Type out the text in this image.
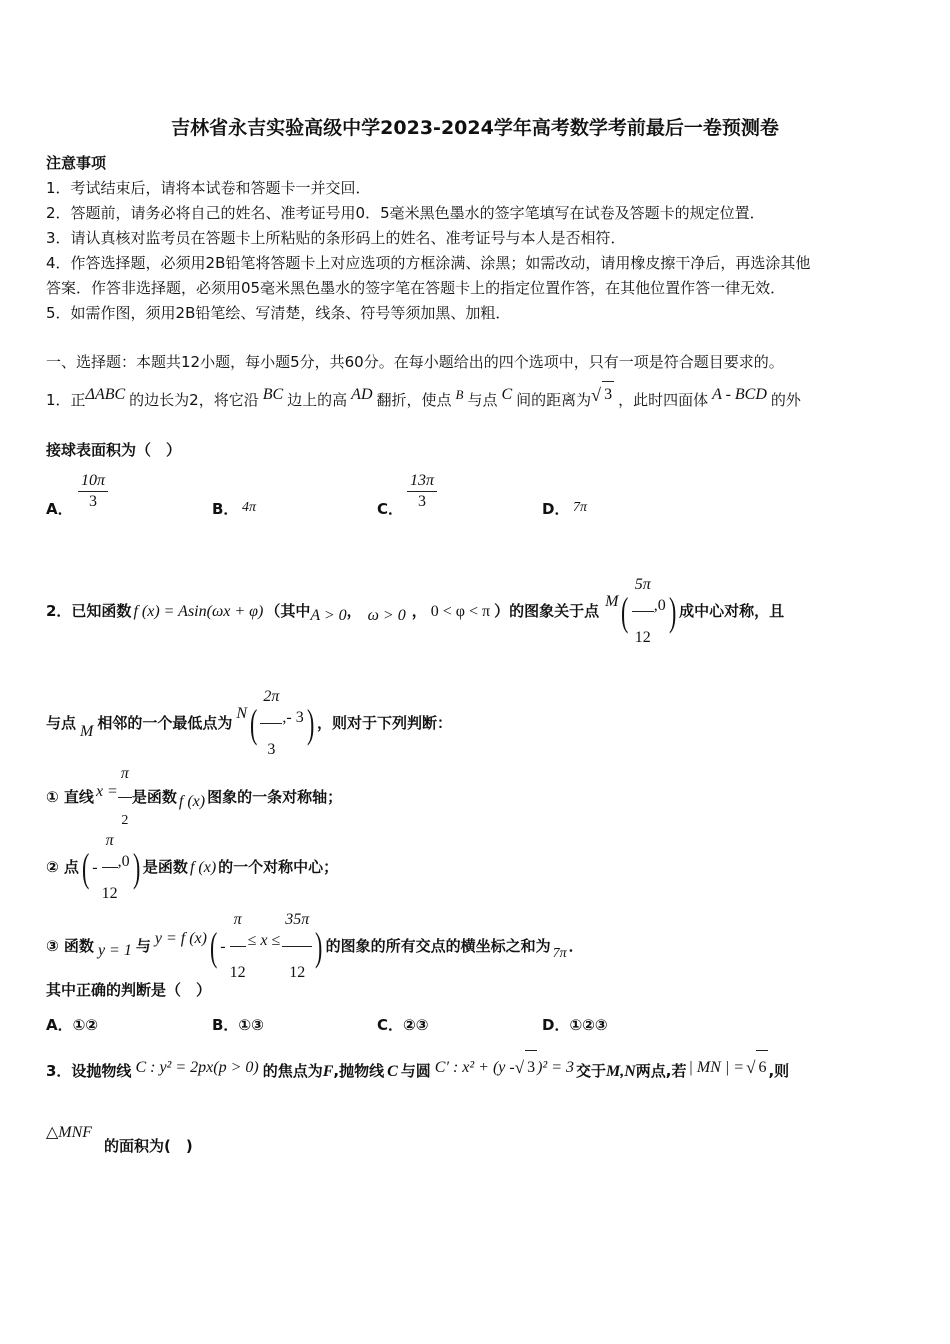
吉林省永吉实验高级中学2023-2024学年高考数学考前最后一卷预测卷
注意事项
1．考试结束后，请将本试卷和答题卡一并交回．
2．答题前，请务必将自己的姓名、准考证号用0．5毫米黑色墨水的签字笔填写在试卷及答题卡的规定位置．
3．请认真核对监考员在答题卡上所粘贴的条形码上的姓名、准考证号与本人是否相符．
4．作答选择题，必须用2B铅笔将答题卡上对应选项的方框涂满、涂黑；如需改动，请用橡皮擦干净后，再选涂其他
答案．作答非选择题，必须用05毫米黑色墨水的签字笔在答题卡上的指定位置作答，在其他位置作答一律无效．
5．如需作图，须用2B铅笔绘、写清楚，线条、符号等须加黑、加粗．
一、选择题：本题共12小题，每小题5分，共60分。在每小题给出的四个选项中，只有一项是符合题目要求的。
1．正ΔABC 的边长为2，将它沿 BC 边上的高 AD 翻折，使点 B 与点 C 间的距离为√ 3 ，此时四面体 A - BCD 的外
接球表面积为（　）
A． $\frac{10\pi}{3}$	B． 4π	C． $\frac{13\pi}{3}$	D． 7π
2．已知函数 f (x) = Asin(ωx + φ) （其中A > 0， ω > 0 ， 0 < φ < π ）的图象关于点$M( \frac{5\pi}{12} ,0)$ 成中心对称，且
与点 M 相邻的一个最低点为$N( \frac{2\pi}{3}$ ,- 3) ，则对于下列判断：
① 直线 $x = \frac{\pi}{2}$ 是函数 f (x) 图象的一条对称轴；
② 点( - $\frac{\pi}{12} ,0$) 是函数 f (x) 的一个对称中心；
③ 函数 y = 1 与 y = f $(x)( - \frac{\pi}{12} \le x \le \frac{35\pi}{12}$ ) 的图象的所有交点的横坐标之和为 7π ．
其中正确的判断是（　）
A．①②	B．①③	C．②③	D．①②③
3．设抛物线 C : y² = 2px(p > 0) 的焦点为F,抛物线 C 与圆 C′ : x² + (y -√ 3 )² = 3 交于M,N两点,若 | MN | = √ 6 ,则
△MNF
的面积为(　)
